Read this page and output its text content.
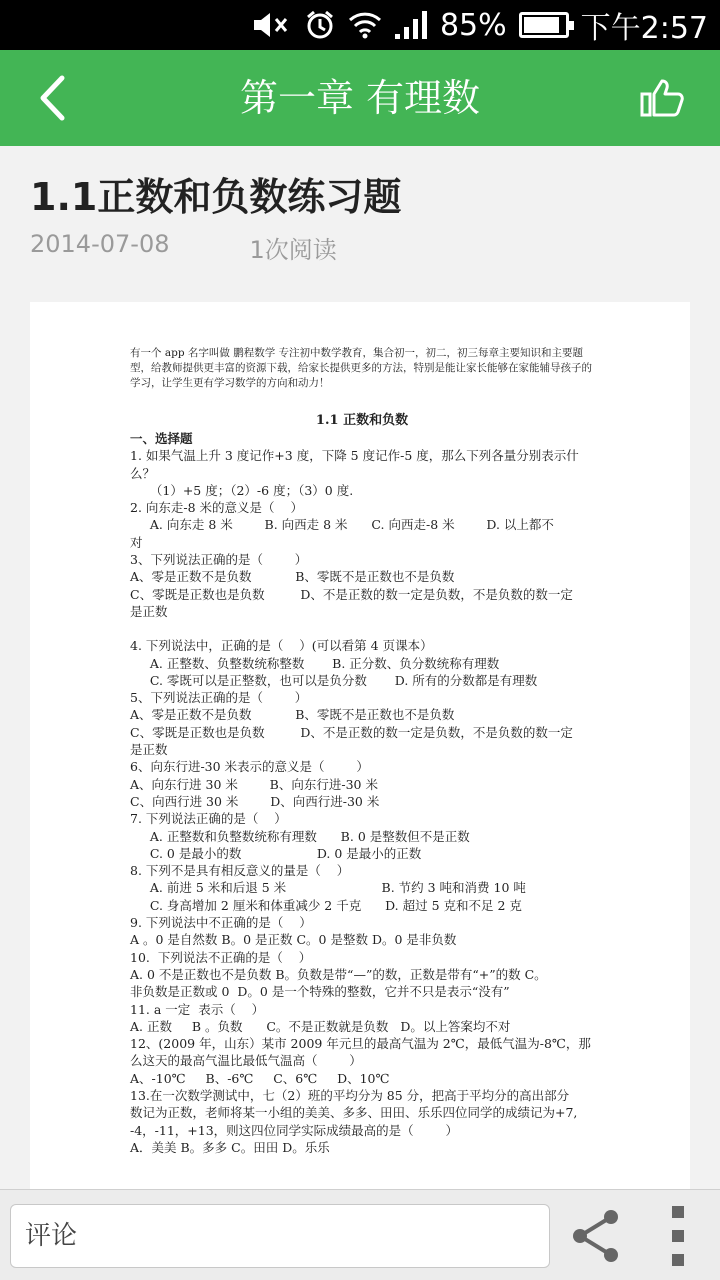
85% 下午2:57
第一章 有理数
1.1正数和负数练习题
2014-07-08	1次阅读
有一个 app 名字叫做 鹏程数学 专注初中数学教育，集合初一，初二，初三每章主要知识和主要题型，给教师提供更丰富的资源下载，给家长提供更多的方法，特别是能让家长能够在家能辅导孩子的学习，让学生更有学习数学的方向和动力！
1.1 正数和负数
一、选择题
1. 如果气温上升 3 度记作+3 度，下降 5 度记作-5 度，那么下列各量分别表示什么？
（1）+5 度；（2）-6 度；（3）0 度.
2. 向东走-8 米的意义是（    ）
A. 向东走 8 米        B. 向西走 8 米      C. 向西走-8 米        D. 以上都不
对
3、下列说法正确的是（        ）
A、零是正数不是负数           B、零既不是正数也不是负数
C、零既是正数也是负数         D、不是正数的数一定是负数，不是负数的数一定
是正数
4. 下列说法中，正确的是（    ）(可以看第 4 页课本）
A. 正整数、负整数统称整数       B. 正分数、负分数统称有理数
C. 零既可以是正整数，也可以是负分数       D. 所有的分数都是有理数
5、下列说法正确的是（        ）
A、零是正数不是负数           B、零既不是正数也不是负数
C、零既是正数也是负数         D、不是正数的数一定是负数，不是负数的数一定
是正数
6、向东行进-30 米表示的意义是（        ）
A、向东行进 30 米        B、向东行进-30 米
C、向西行进 30 米        D、向西行进-30 米
7. 下列说法正确的是（    ）
A. 正整数和负整数统称有理数      B. 0 是整数但不是正数
C. 0 是最小的数                   D. 0 是最小的正数
8. 下列不是具有相反意义的量是（    ）
A. 前进 5 米和后退 5 米                        B. 节约 3 吨和消费 10 吨
C. 身高增加 2 厘米和体重减少 2 千克      D. 超过 5 克和不足 2 克
9. 下列说法中不正确的是（    ）
A 。0 是自然数 B。0 是正数 C。0 是整数 D。0 是非负数
10.  下列说法不正确的是（    ）
A. 0 不是正数也不是负数 B。负数是带“—”的数，正数是带有“+”的数 C。
非负数是正数或 0  D。0 是一个特殊的整数，它并不只是表示“没有”
11. a 一定  表示（    ）
A. 正数     B 。负数      C。不是正数就是负数   D。以上答案均不对
12、(2009 年，山东）某市 2009 年元旦的最高气温为 2℃，最低气温为-8℃，那
么这天的最高气温比最低气温高（        ）
A、-10℃     B、-6℃     C、6℃     D、10℃
13.在一次数学测试中，七（2）班的平均分为 85 分，把高于平均分的高出部分
数记为正数，老师将某一小组的美美、多多、田田、乐乐四位同学的成绩记为+7,
-4，-11，+13，则这四位同学实际成绩最高的是（        ）
A．美美 B。多多 C。田田 D。乐乐
评论
